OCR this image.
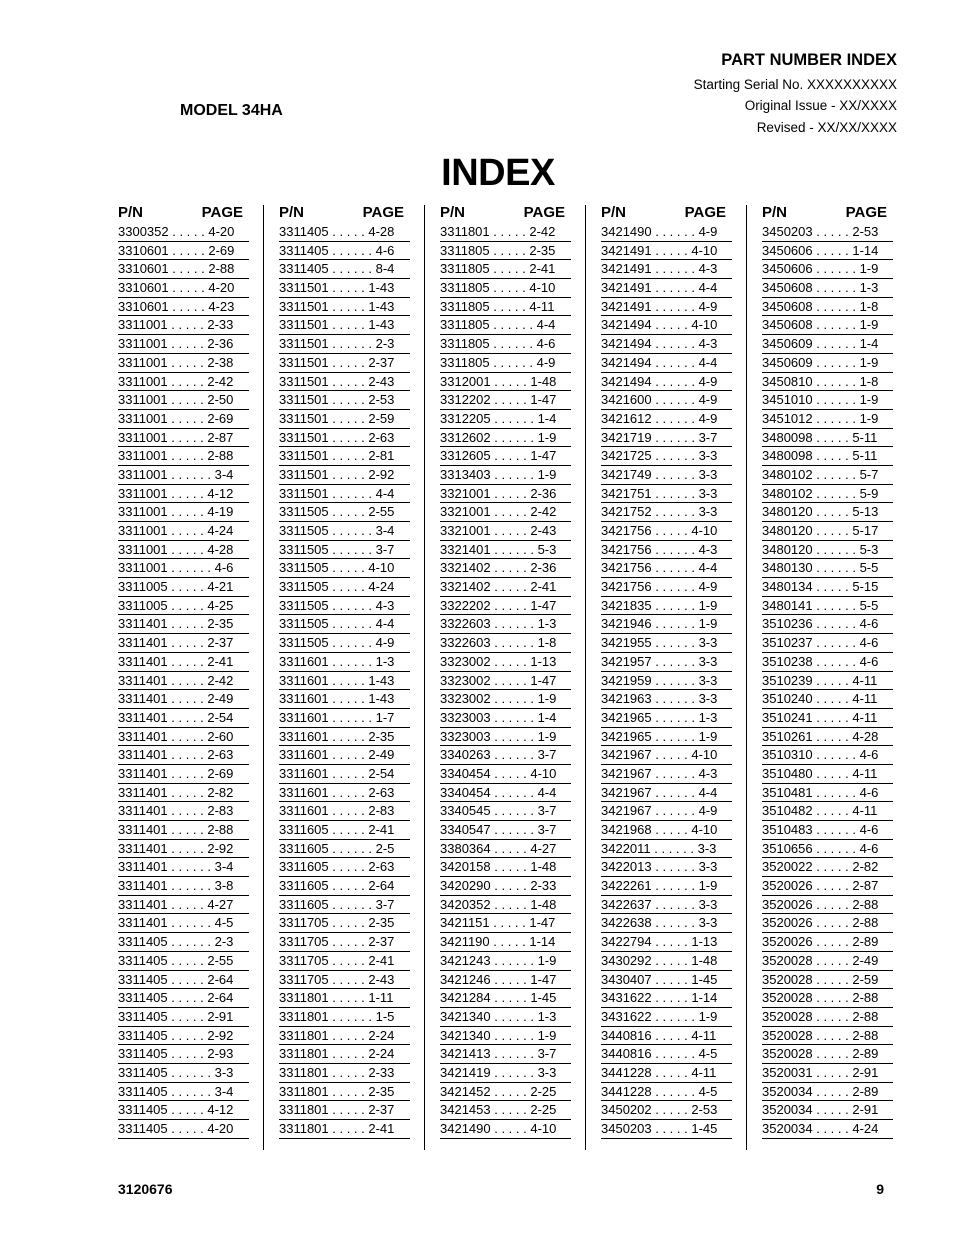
PART NUMBER INDEX
Starting Serial No. XXXXXXXXXX
Original Issue - XX/XXXX
Revised - XX/XX/XXXX
MODEL 34HA
INDEX
P/N	PAGE
3300352 . . . . . 4-20
3310601 . . . . . 2-69
3310601 . . . . . 2-88
3310601 . . . . . 4-20
3310601 . . . . . 4-23
3311001 . . . . . 2-33
3311001 . . . . . 2-36
3311001 . . . . . 2-38
3311001 . . . . . 2-42
3311001 . . . . . 2-50
3311001 . . . . . 2-69
3311001 . . . . . 2-87
3311001 . . . . . 2-88
3311001 . . . . . . 3-4
3311001 . . . . . 4-12
3311001 . . . . . 4-19
3311001 . . . . . 4-24
3311001 . . . . . 4-28
3311001 . . . . . . 4-6
3311005 . . . . . 4-21
3311005 . . . . . 4-25
3311401 . . . . . 2-35
3311401 . . . . . 2-37
3311401 . . . . . 2-41
3311401 . . . . . 2-42
3311401 . . . . . 2-49
3311401 . . . . . 2-54
3311401 . . . . . 2-60
3311401 . . . . . 2-63
3311401 . . . . . 2-69
3311401 . . . . . 2-82
3311401 . . . . . 2-83
3311401 . . . . . 2-88
3311401 . . . . . 2-92
3311401 . . . . . . 3-4
3311401 . . . . . . 3-8
3311401 . . . . . 4-27
3311401 . . . . . . 4-5
3311405 . . . . . . 2-3
3311405 . . . . . 2-55
3311405 . . . . . 2-64
3311405 . . . . . 2-64
3311405 . . . . . 2-91
3311405 . . . . . 2-92
3311405 . . . . . 2-93
3311405 . . . . . . 3-3
3311405 . . . . . . 3-4
3311405 . . . . . 4-12
3311405 . . . . . 4-20
P/N	PAGE
3311405 . . . . . 4-28
3311405 . . . . . . 4-6
3311405 . . . . . . 8-4
3311501 . . . . . 1-43
3311501 . . . . . 1-43
3311501 . . . . . 1-43
3311501 . . . . . . 2-3
3311501 . . . . . 2-37
3311501 . . . . . 2-43
3311501 . . . . . 2-53
3311501 . . . . . 2-59
3311501 . . . . . 2-63
3311501 . . . . . 2-81
3311501 . . . . . 2-92
3311501 . . . . . . 4-4
3311505 . . . . . 2-55
3311505 . . . . . . 3-4
3311505 . . . . . . 3-7
3311505 . . . . . 4-10
3311505 . . . . . 4-24
3311505 . . . . . . 4-3
3311505 . . . . . . 4-4
3311505 . . . . . . 4-9
3311601 . . . . . . 1-3
3311601 . . . . . 1-43
3311601 . . . . . 1-43
3311601 . . . . . . 1-7
3311601 . . . . . 2-35
3311601 . . . . . 2-49
3311601 . . . . . 2-54
3311601 . . . . . 2-63
3311601 . . . . . 2-83
3311605 . . . . . 2-41
3311605 . . . . . . 2-5
3311605 . . . . . 2-63
3311605 . . . . . 2-64
3311605 . . . . . . 3-7
3311705 . . . . . 2-35
3311705 . . . . . 2-37
3311705 . . . . . 2-41
3311705 . . . . . 2-43
3311801 . . . . . 1-11
3311801 . . . . . . 1-5
3311801 . . . . . 2-24
3311801 . . . . . 2-24
3311801 . . . . . 2-33
3311801 . . . . . 2-35
3311801 . . . . . 2-37
3311801 . . . . . 2-41
P/N	PAGE
3311801 . . . . . 2-42
3311805 . . . . . 2-35
3311805 . . . . . 2-41
3311805 . . . . . 4-10
3311805 . . . . . 4-11
3311805 . . . . . . 4-4
3311805 . . . . . . 4-6
3311805 . . . . . . 4-9
3312001 . . . . . 1-48
3312202 . . . . . 1-47
3312205 . . . . . . 1-4
3312602 . . . . . . 1-9
3312605 . . . . . 1-47
3313403 . . . . . . 1-9
3321001 . . . . . 2-36
3321001 . . . . . 2-42
3321001 . . . . . 2-43
3321401 . . . . . . 5-3
3321402 . . . . . 2-36
3321402 . . . . . 2-41
3322202 . . . . . 1-47
3322603 . . . . . . 1-3
3322603 . . . . . . 1-8
3323002 . . . . . 1-13
3323002 . . . . . 1-47
3323002 . . . . . . 1-9
3323003 . . . . . . 1-4
3323003 . . . . . . 1-9
3340263 . . . . . . 3-7
3340454 . . . . . 4-10
3340454 . . . . . . 4-4
3340545 . . . . . . 3-7
3340547 . . . . . . 3-7
3380364 . . . . . 4-27
3420158 . . . . . 1-48
3420290 . . . . . 2-33
3420352 . . . . . 1-48
3421151 . . . . . 1-47
3421190 . . . . . 1-14
3421243 . . . . . . 1-9
3421246 . . . . . 1-47
3421284 . . . . . 1-45
3421340 . . . . . . 1-3
3421340 . . . . . . 1-9
3421413 . . . . . . 3-7
3421419 . . . . . . 3-3
3421452 . . . . . 2-25
3421453 . . . . . 2-25
3421490 . . . . . 4-10
P/N	PAGE
3421490 . . . . . . 4-9
3421491 . . . . . 4-10
3421491 . . . . . . 4-3
3421491 . . . . . . 4-4
3421491 . . . . . . 4-9
3421494 . . . . . 4-10
3421494 . . . . . . 4-3
3421494 . . . . . . 4-4
3421494 . . . . . . 4-9
3421600 . . . . . . 4-9
3421612 . . . . . . 4-9
3421719 . . . . . . 3-7
3421725 . . . . . . 3-3
3421749 . . . . . . 3-3
3421751 . . . . . . 3-3
3421752 . . . . . . 3-3
3421756 . . . . . 4-10
3421756 . . . . . . 4-3
3421756 . . . . . . 4-4
3421756 . . . . . . 4-9
3421835 . . . . . . 1-9
3421946 . . . . . . 1-9
3421955 . . . . . . 3-3
3421957 . . . . . . 3-3
3421959 . . . . . . 3-3
3421963 . . . . . . 3-3
3421965 . . . . . . 1-3
3421965 . . . . . . 1-9
3421967 . . . . . 4-10
3421967 . . . . . . 4-3
3421967 . . . . . . 4-4
3421967 . . . . . . 4-9
3421968 . . . . . 4-10
3422011 . . . . . . 3-3
3422013 . . . . . . 3-3
3422261 . . . . . . 1-9
3422637 . . . . . . 3-3
3422638 . . . . . . 3-3
3422794 . . . . . 1-13
3430292 . . . . . 1-48
3430407 . . . . . 1-45
3431622 . . . . . 1-14
3431622 . . . . . . 1-9
3440816 . . . . . 4-11
3440816 . . . . . . 4-5
3441228 . . . . . 4-11
3441228 . . . . . . 4-5
3450202 . . . . . 2-53
3450203 . . . . . 1-45
P/N	PAGE
3450203 . . . . . 2-53
3450606 . . . . . 1-14
3450606 . . . . . . 1-9
3450608 . . . . . . 1-3
3450608 . . . . . . 1-8
3450608 . . . . . . 1-9
3450609 . . . . . . 1-4
3450609 . . . . . . 1-9
3450810 . . . . . . 1-8
3451010 . . . . . . 1-9
3451012 . . . . . . 1-9
3480098 . . . . . 5-11
3480098 . . . . . 5-11
3480102 . . . . . . 5-7
3480102 . . . . . . 5-9
3480120 . . . . . 5-13
3480120 . . . . . 5-17
3480120 . . . . . . 5-3
3480130 . . . . . . 5-5
3480134 . . . . . 5-15
3480141 . . . . . . 5-5
3510236 . . . . . . 4-6
3510237 . . . . . . 4-6
3510238 . . . . . . 4-6
3510239 . . . . . 4-11
3510240 . . . . . 4-11
3510241 . . . . . 4-11
3510261 . . . . . 4-28
3510310 . . . . . . 4-6
3510480 . . . . . 4-11
3510481 . . . . . . 4-6
3510482 . . . . . 4-11
3510483 . . . . . . 4-6
3510656 . . . . . . 4-6
3520022 . . . . . 2-82
3520026 . . . . . 2-87
3520026 . . . . . 2-88
3520026 . . . . . 2-88
3520026 . . . . . 2-89
3520028 . . . . . 2-49
3520028 . . . . . 2-59
3520028 . . . . . 2-88
3520028 . . . . . 2-88
3520028 . . . . . 2-88
3520028 . . . . . 2-89
3520031 . . . . . 2-91
3520034 . . . . . 2-89
3520034 . . . . . 2-91
3520034 . . . . . 4-24
3120676	9
